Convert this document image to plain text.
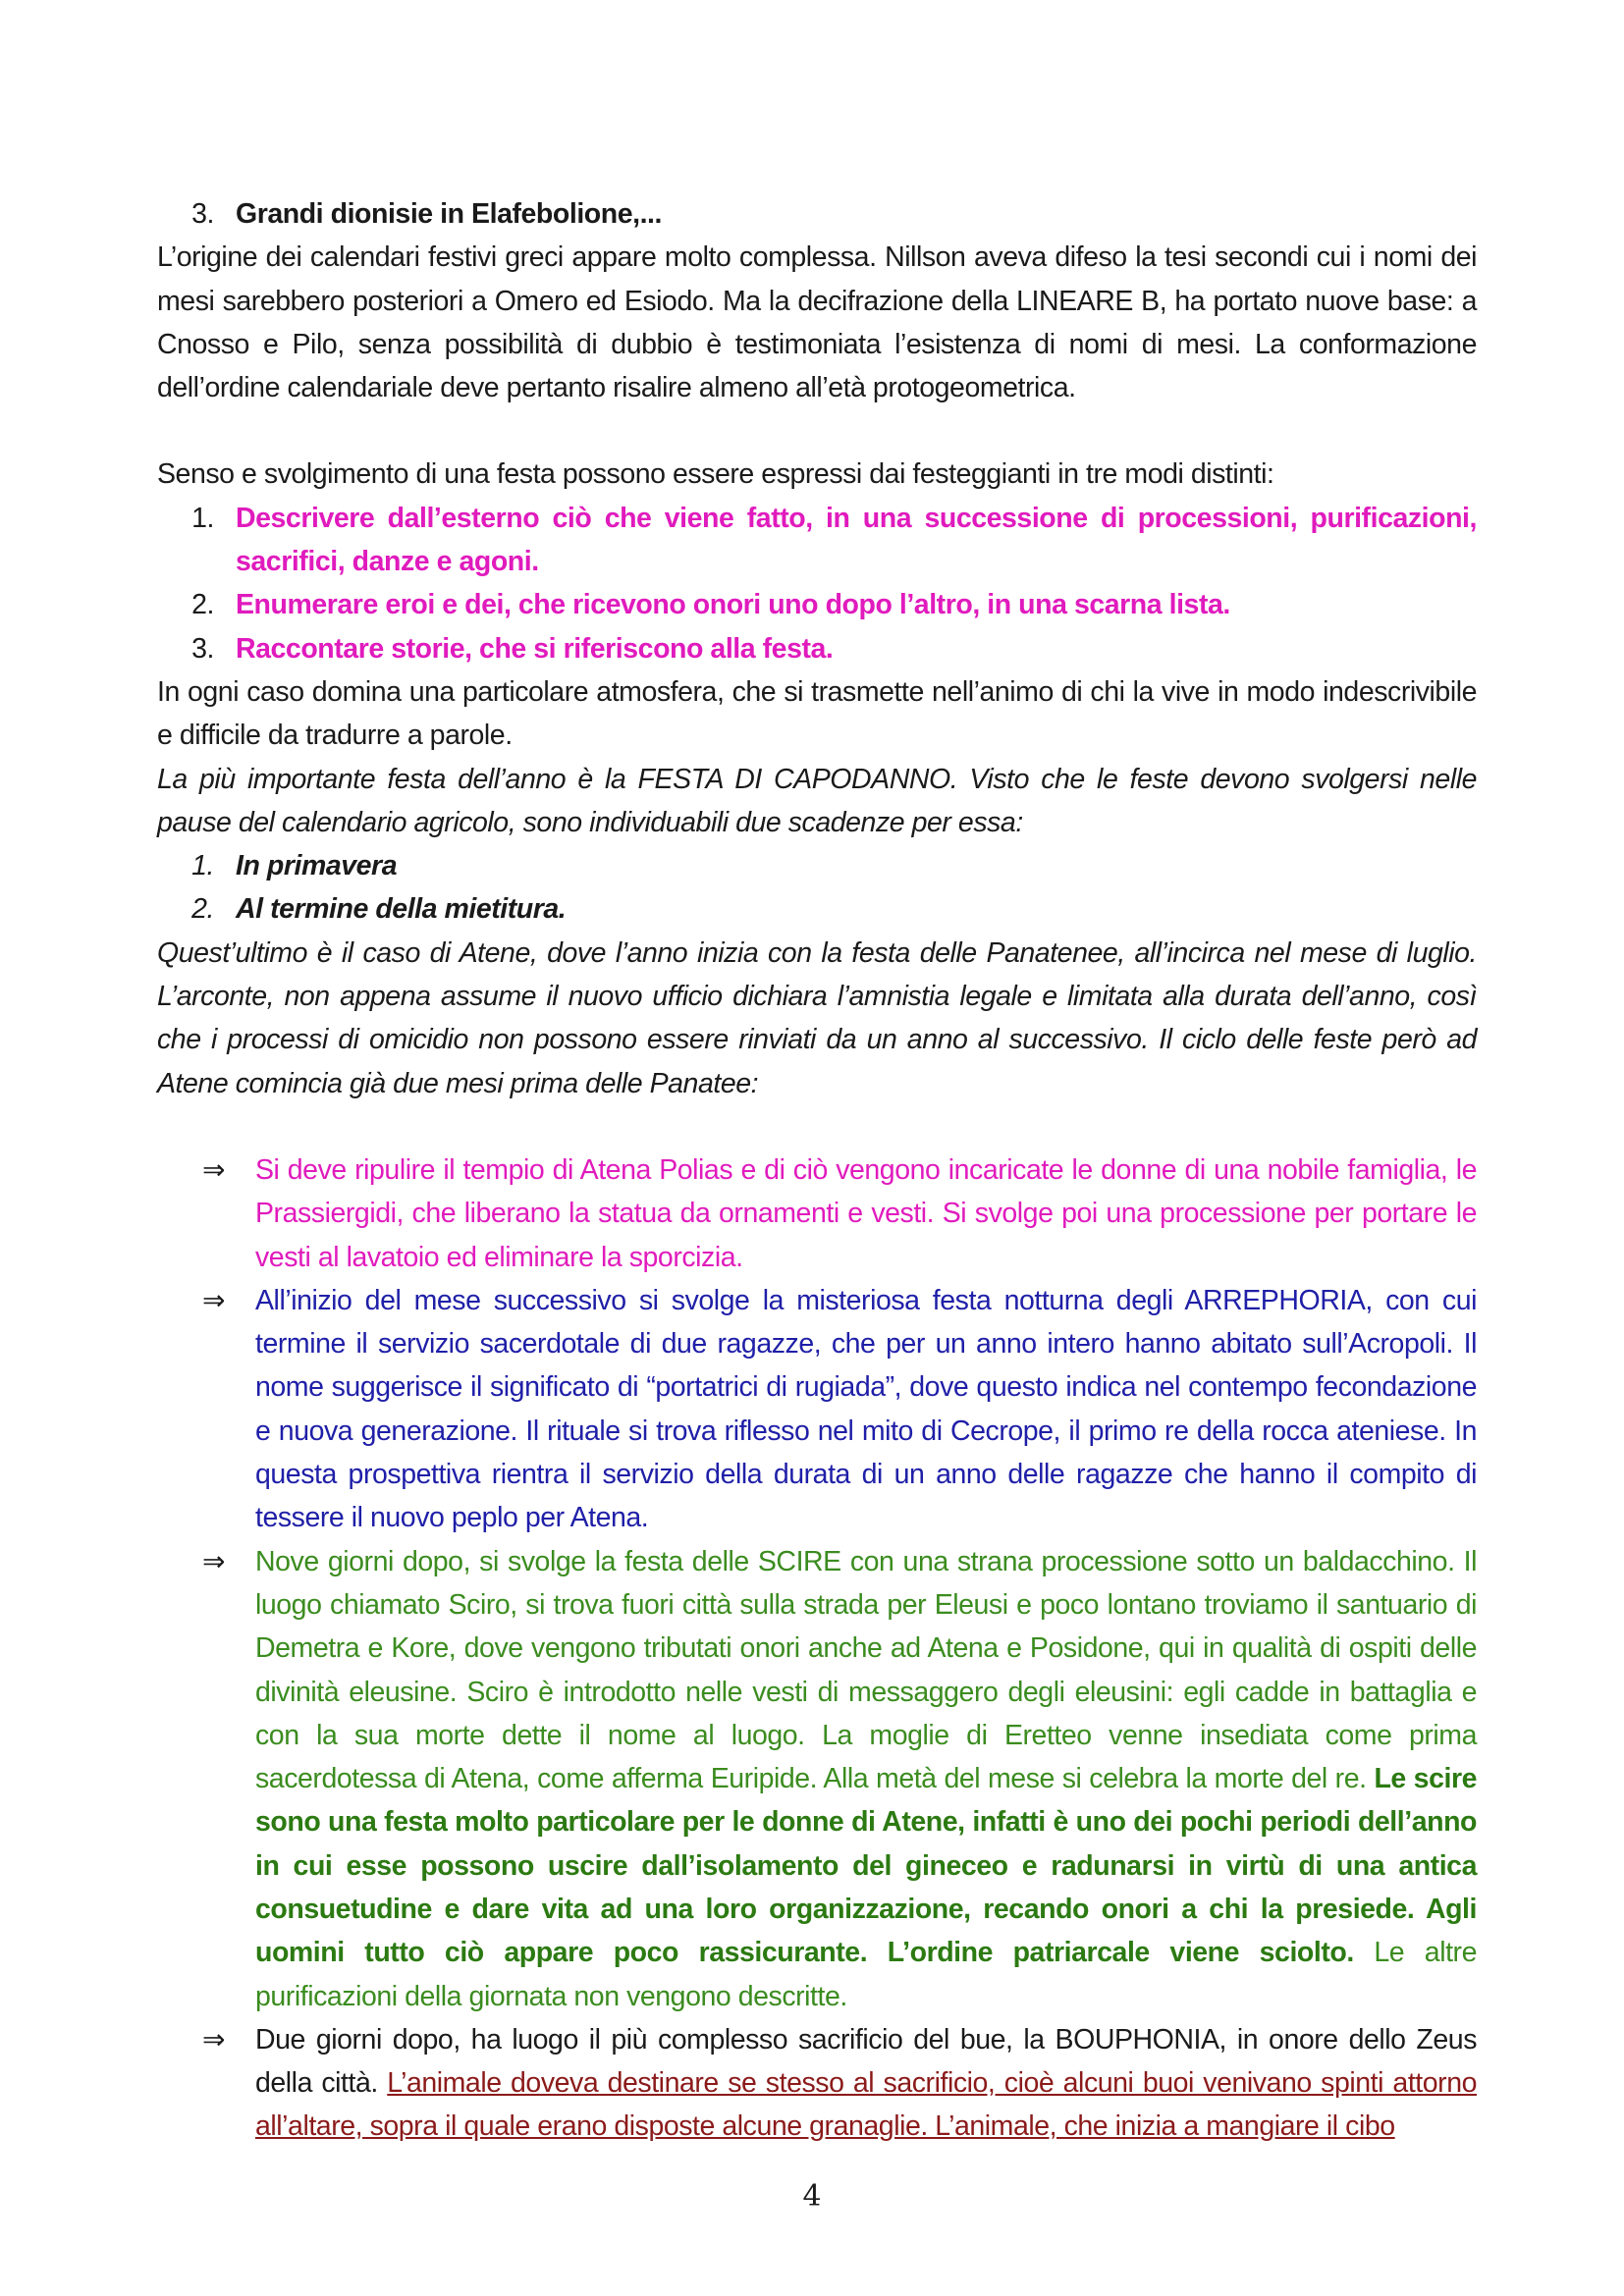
3. Grandi dionisie in Elafebolione,...

L’origine dei calendari festivi greci appare molto complessa. Nillson aveva difeso la tesi secondi cui i nomi dei mesi sarebbero posteriori a Omero ed Esiodo. Ma la decifrazione della LINEARE B, ha portato nuove base: a Cnosso e Pilo, senza possibilità di dubbio è testimoniata l’esistenza di nomi di mesi. La conformazione dell’ordine calendariale deve pertanto risalire almeno all’età protogeometrica.

Senso e svolgimento di una festa possono essere espressi dai festeggianti in tre modi distinti:

1. Descrivere dall’esterno ciò che viene fatto, in una successione di processioni, purificazioni, sacrifici, danze e agoni.
2. Enumerare eroi e dei, che ricevono onori uno dopo l’altro, in una scarna lista.
3. Raccontare storie, che si riferiscono alla festa.

In ogni caso domina una particolare atmosfera, che si trasmette nell’animo di chi la vive in modo indescrivibile e difficile da tradurre a parole.

La più importante festa dell’anno è la FESTA DI CAPODANNO. Visto che le feste devono svolgersi nelle pause del calendario agricolo, sono individuabili due scadenze per essa:

1. In primavera
2. Al termine della mietitura.

Quest’ultimo è il caso di Atene, dove l’anno inizia con la festa delle Panatenee, all’incirca nel mese di luglio. L’arconte, non appena assume il nuovo ufficio dichiara l’amnistia legale e limitata alla durata dell’anno, così che i processi di omicidio non possono essere rinviati da un anno al successivo. Il ciclo delle feste però ad Atene comincia già due mesi prima delle Panatee:

⇒	Si deve ripulire il tempio di Atena Polias e di ciò vengono incaricate le donne di una nobile famiglia, le Prassiergidi, che liberano la statua da ornamenti e vesti. Si svolge poi una processione per portare le vesti al lavatoio ed eliminare la sporcizia.
⇒	All’inizio del mese successivo si svolge la misteriosa festa notturna degli ARREPHORIA, con cui termine il servizio sacerdotale di due ragazze, che per un anno intero hanno abitato sull’Acropoli. Il nome suggerisce il significato di “portatrici di rugiada”, dove questo indica nel contempo fecondazione e nuova generazione. Il rituale si trova riflesso nel mito di Cecrope, il primo re della rocca ateniese. In questa prospettiva rientra il servizio della durata di un anno delle ragazze che hanno il compito di tessere il nuovo peplo per Atena.
⇒	Nove giorni dopo, si svolge la festa delle SCIRE con una strana processione sotto un baldacchino. Il luogo chiamato Sciro, si trova fuori città sulla strada per Eleusi e poco lontano troviamo il santuario di Demetra e Kore, dove vengono tributati onori anche ad Atena e Posidone, qui in qualità di ospiti delle divinità eleusine. Sciro è introdotto nelle vesti di messaggero degli eleusini: egli cadde in battaglia e con la sua morte dette il nome al luogo. La moglie di Eretteo venne insediata come prima sacerdotessa di Atena, come afferma Euripide. Alla metà del mese si celebra la morte del re. Le scire sono una festa molto particolare per le donne di Atene, infatti è uno dei pochi periodi dell’anno in cui esse possono uscire dall’isolamento del gineceo e radunarsi in virtù di una antica consuetudine e dare vita ad una loro organizzazione, recando onori a chi la presiede. Agli uomini tutto ciò appare poco rassicurante. L’ordine patriarcale viene sciolto. Le altre purificazioni della giornata non vengono descritte.
⇒	Due giorni dopo, ha luogo il più complesso sacrificio del bue, la BOUPHONIA, in onore dello Zeus della città. L’animale doveva destinare se stesso al sacrificio, cioè alcuni buoi venivano spinti attorno all’altare, sopra il quale erano disposte alcune granaglie. L’animale, che inizia a mangiare il cibo
4
